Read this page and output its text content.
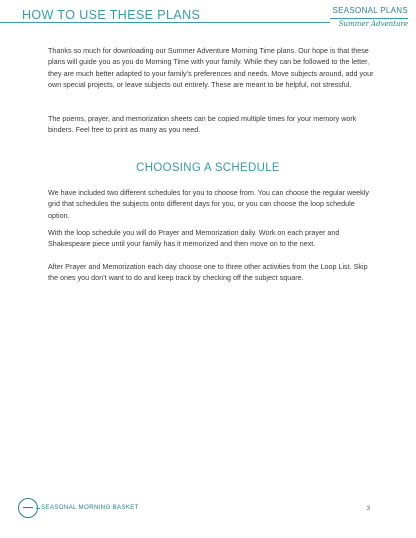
HOW TO USE THESE PLANS	SEASONAL PLANS
Summer Adventure

Thanks so much for downloading our Summer Adventure Morning Time plans. Our hope is that these plans will guide you as you do Morning Time with your family. While they can be followed to the letter, they are much better adapted to your family’s preferences and needs. Move subjects around, add your own special projects, or leave subjects out entirely. These are meant to be helpful, not stressful.

The poems, prayer, and memorization sheets can be copied multiple times for your memory work binders. Feel free to print as many as you need.

CHOOSING A SCHEDULE

We have included two different schedules for you to choose from. You can choose the regular weekly grid that schedules the subjects onto different days for you, or you can choose the loop schedule option.

With the loop schedule you will do Prayer and Memorization daily. Work on each prayer and Shakespeare piece until your family has it memorized and then move on to the next.

After Prayer and Memorization each day choose one to three other activities from the Loop List. Skip the ones you don’t want to do and keep track by checking off the subject square.

SEASONAL MORNING BASKET	3
